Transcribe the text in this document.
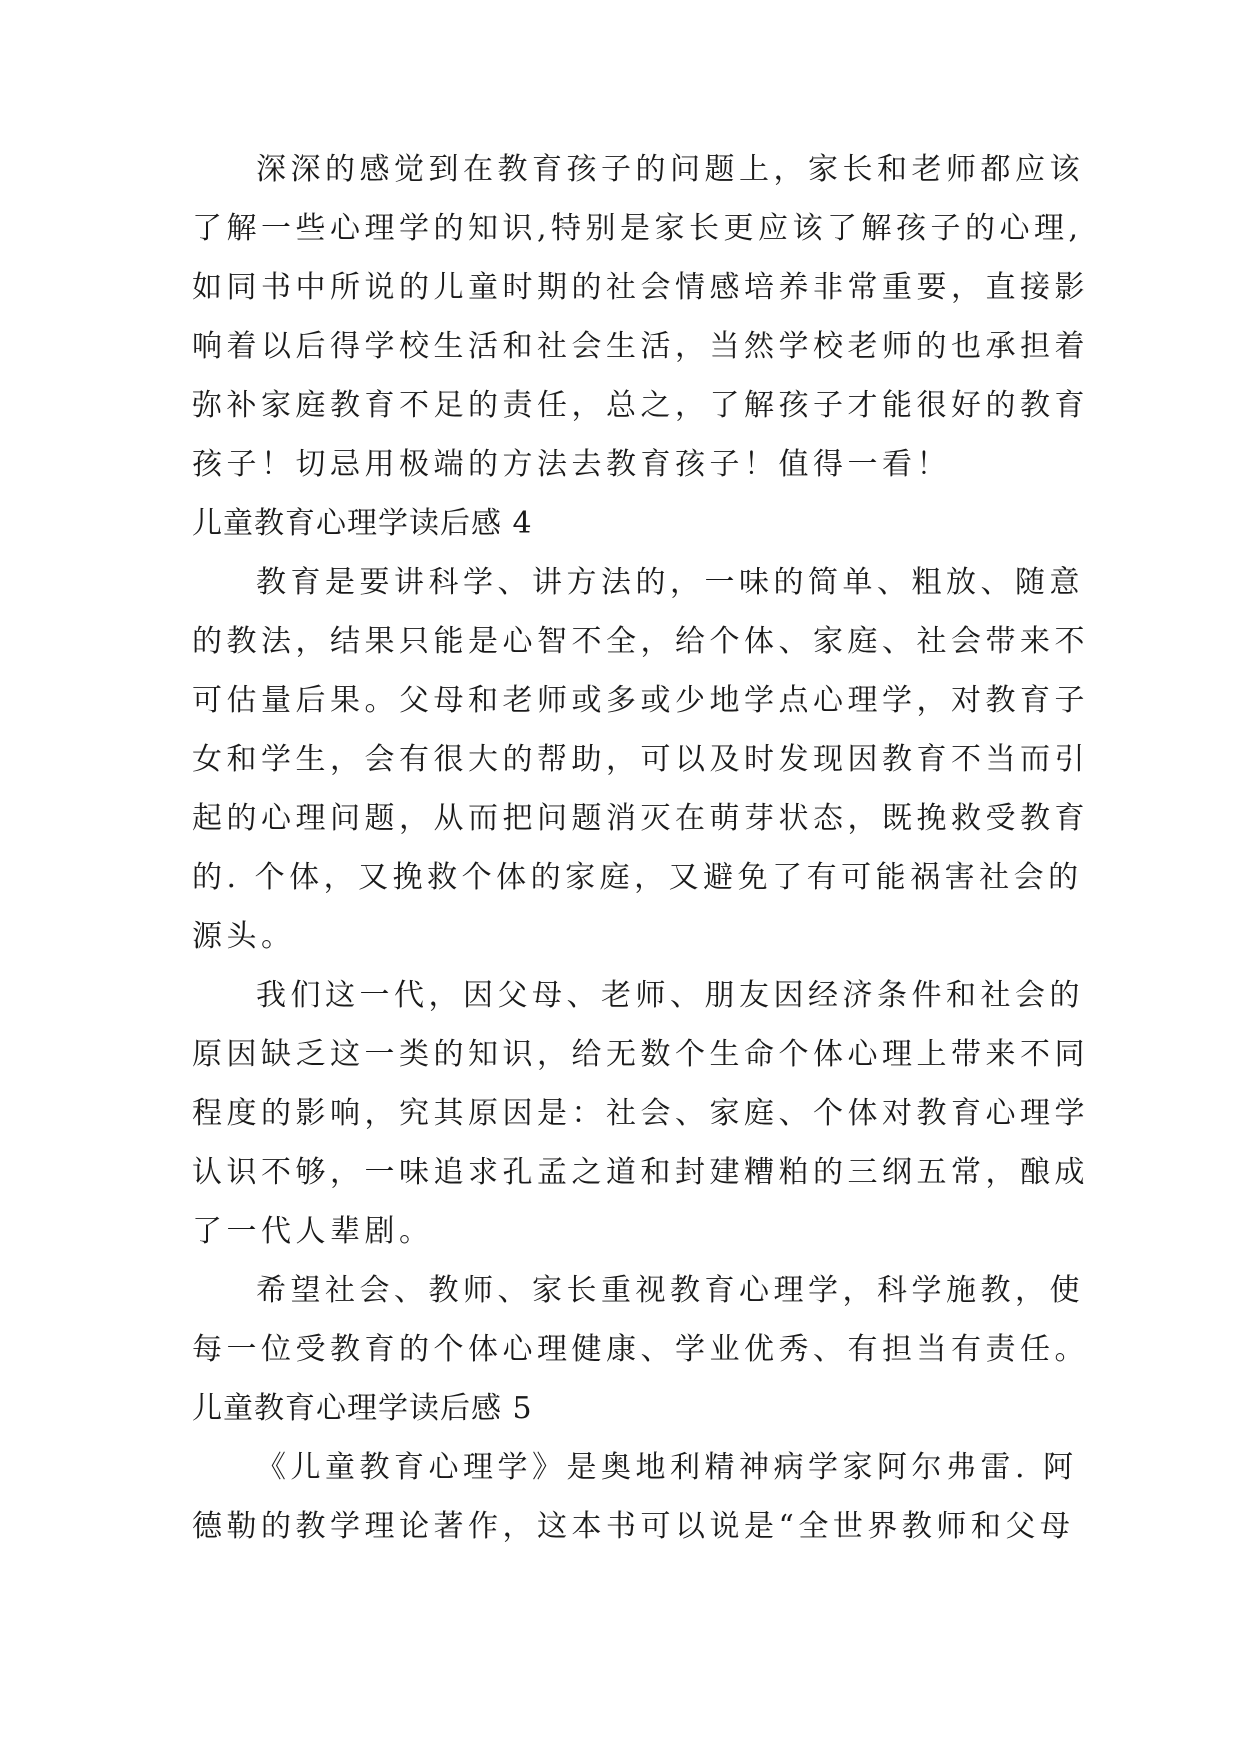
深深的感觉到在教育孩子的问题上，家长和老师都应该
了解一些心理学的知识,特别是家长更应该了解孩子的心理,
如同书中所说的儿童时期的社会情感培养非常重要，直接影
响着以后得学校生活和社会生活，当然学校老师的也承担着
弥补家庭教育不足的责任，总之，了解孩子才能很好的教育
孩子！切忌用极端的方法去教育孩子！值得一看！
儿童教育心理学读后感 4
教育是要讲科学、讲方法的，一味的简单、粗放、随意
的教法，结果只能是心智不全，给个体、家庭、社会带来不
可估量后果。父母和老师或多或少地学点心理学，对教育子
女和学生，会有很大的帮助，可以及时发现因教育不当而引
起的心理问题，从而把问题消灭在萌芽状态，既挽救受教育
的. 个体，又挽救个体的家庭，又避免了有可能祸害社会的
源头。
我们这一代，因父母、老师、朋友因经济条件和社会的
原因缺乏这一类的知识，给无数个生命个体心理上带来不同
程度的影响，究其原因是：社会、家庭、个体对教育心理学
认识不够，一味追求孔孟之道和封建糟粕的三纲五常，酿成
了一代人辈剧。
希望社会、教师、家长重视教育心理学，科学施教，使
每一位受教育的个体心理健康、学业优秀、有担当有责任。
儿童教育心理学读后感 5
《儿童教育心理学》是奥地利精神病学家阿尔弗雷. 阿
德勒的教学理论著作，这本书可以说是“全世界教师和父母
